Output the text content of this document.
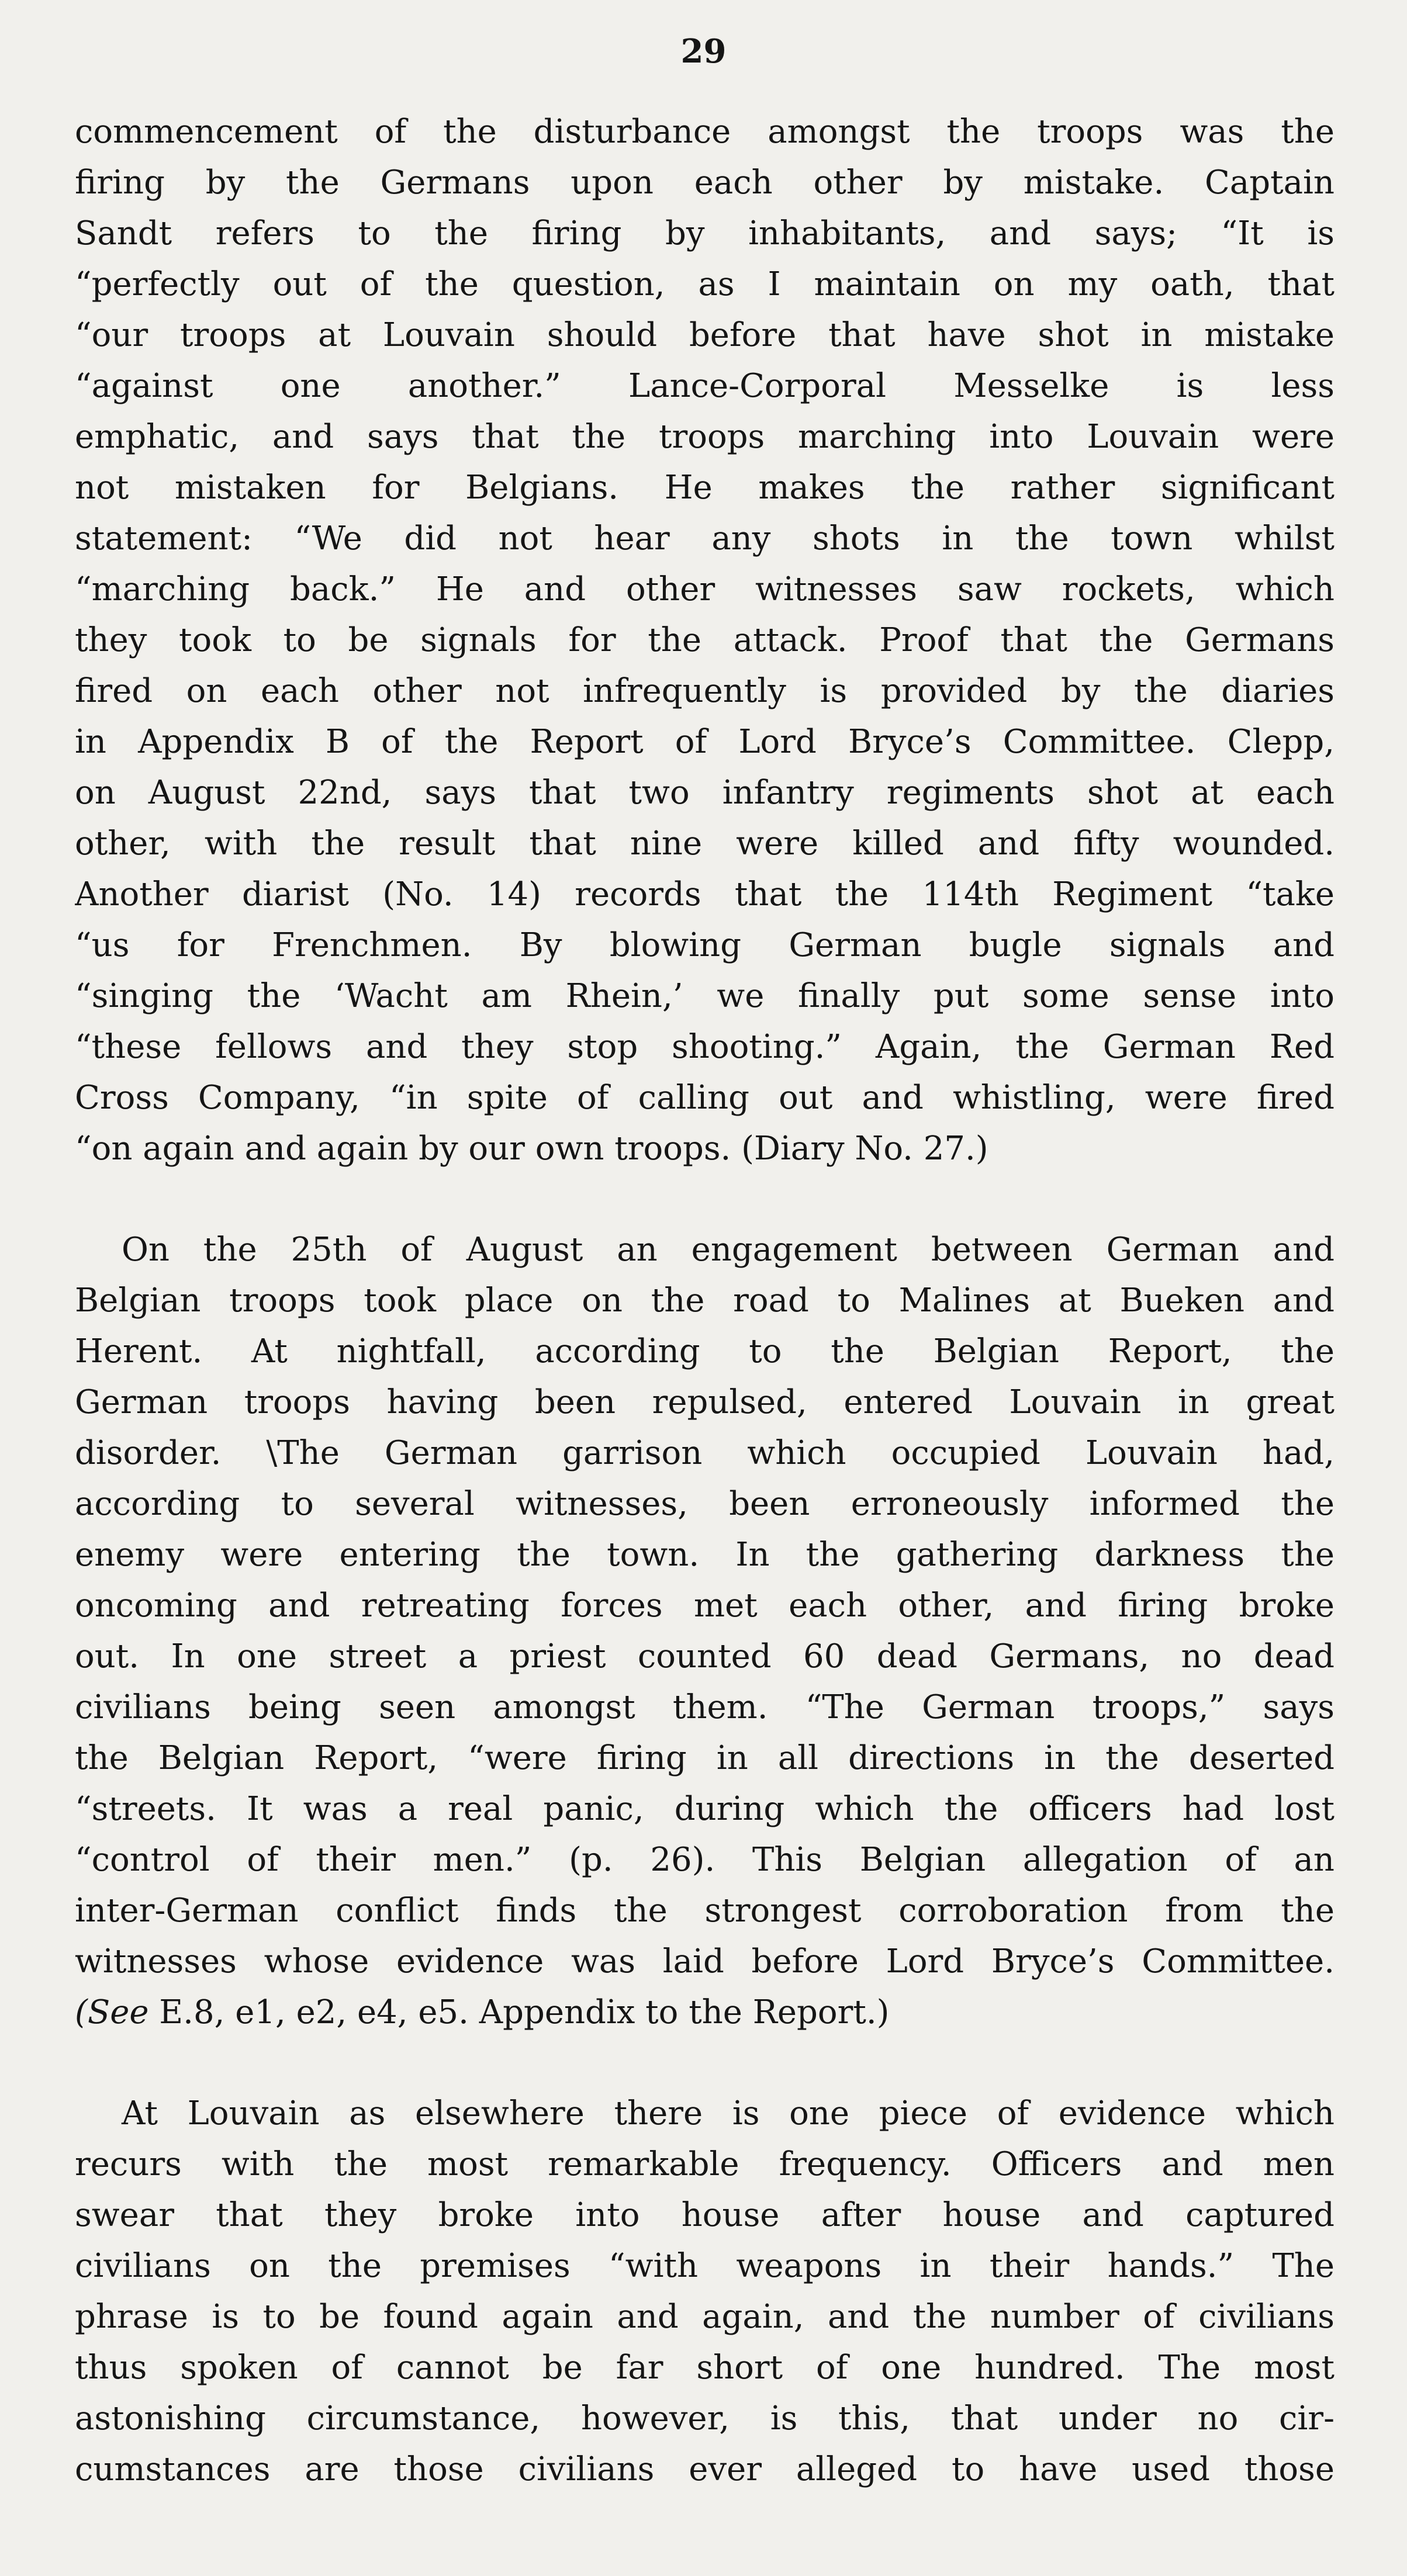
29
commencement of the disturbance amongst the troops was the
firing by the Germans upon each other by mistake. Captain
Sandt refers to the firing by inhabitants, and says; “It is
“perfectly out of the question, as I maintain on my oath, that
“our troops at Louvain should before that have shot in mistake
“against one another.” Lance-Corporal Messelke is less
emphatic, and says that the troops marching into Louvain were
not mistaken for Belgians. He makes the rather significant
statement: “We did not hear any shots in the town whilst
“marching back.” He and other witnesses saw rockets, which
they took to be signals for the attack. Proof that the Germans
fired on each other not infrequently is provided by the diaries
in Appendix B of the Report of Lord Bryce’s Committee. Clepp,
on August 22nd, says that two infantry regiments shot at each
other, with the result that nine were killed and fifty wounded.
Another diarist (No. 14) records that the 114th Regiment “take
“us for Frenchmen. By blowing German bugle signals and
“singing the ‘Wacht am Rhein,’ we finally put some sense into
“these fellows and they stop shooting.” Again, the German Red
Cross Company, “in spite of calling out and whistling, were fired
“on again and again by our own troops. (Diary No. 27.)
On the 25th of August an engagement between German and
Belgian troops took place on the road to Malines at Bueken and
Herent. At nightfall, according to the Belgian Report, the
German troops having been repulsed, entered Louvain in great
disorder. \The German garrison which occupied Louvain had,
according to several witnesses, been erroneously informed the
enemy were entering the town. In the gathering darkness the
oncoming and retreating forces met each other, and firing broke
out. In one street a priest counted 60 dead Germans, no dead
civilians being seen amongst them. “The German troops,” says
the Belgian Report, “were firing in all directions in the deserted
“streets. It was a real panic, during which the officers had lost
“control of their men.” (p. 26). This Belgian allegation of an
inter-German conflict finds the strongest corroboration from the
witnesses whose evidence was laid before Lord Bryce’s Committee.
(See E.8, e1, e2, e4, e5. Appendix to the Report.)
At Louvain as elsewhere there is one piece of evidence which
recurs with the most remarkable frequency. Officers and men
swear that they broke into house after house and captured
civilians on the premises “with weapons in their hands.” The
phrase is to be found again and again, and the number of civilians
thus spoken of cannot be far short of one hundred. The most
astonishing circumstance, however, is this, that under no cir-
cumstances are those civilians ever alleged to have used those
